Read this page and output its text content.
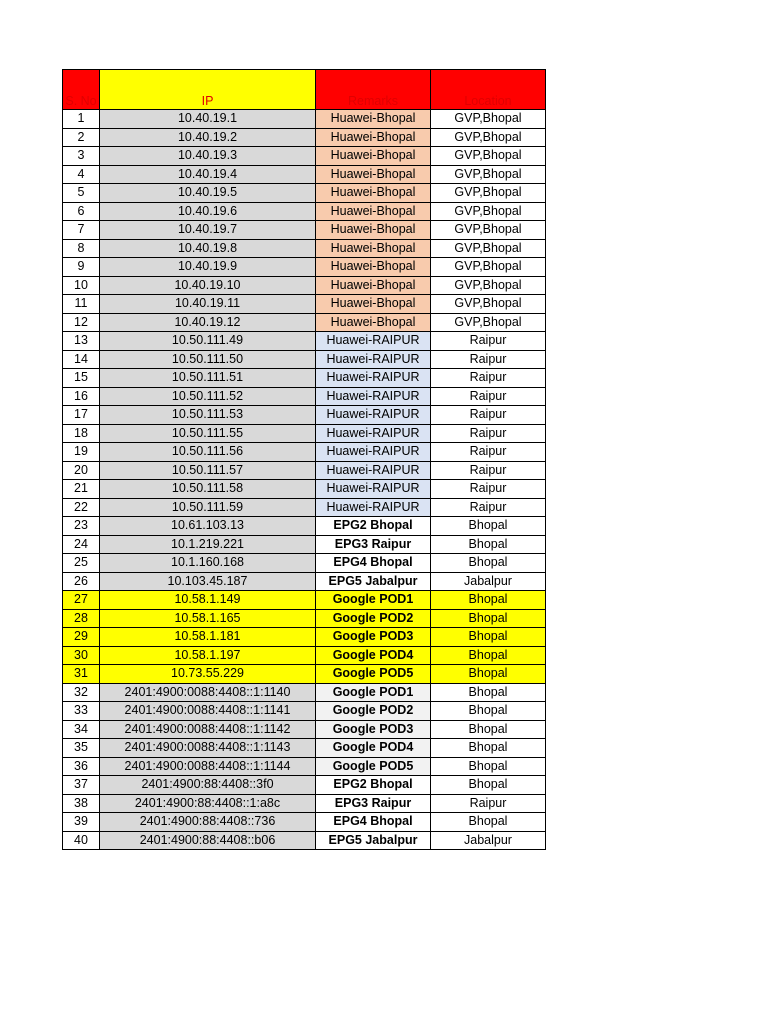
S. No	IP	Remarks	Location
1	10.40.19.1	Huawei-Bhopal	GVP,Bhopal
2	10.40.19.2	Huawei-Bhopal	GVP,Bhopal
3	10.40.19.3	Huawei-Bhopal	GVP,Bhopal
4	10.40.19.4	Huawei-Bhopal	GVP,Bhopal
5	10.40.19.5	Huawei-Bhopal	GVP,Bhopal
6	10.40.19.6	Huawei-Bhopal	GVP,Bhopal
7	10.40.19.7	Huawei-Bhopal	GVP,Bhopal
8	10.40.19.8	Huawei-Bhopal	GVP,Bhopal
9	10.40.19.9	Huawei-Bhopal	GVP,Bhopal
10	10.40.19.10	Huawei-Bhopal	GVP,Bhopal
11	10.40.19.11	Huawei-Bhopal	GVP,Bhopal
12	10.40.19.12	Huawei-Bhopal	GVP,Bhopal
13	10.50.111.49	Huawei-RAIPUR	Raipur
14	10.50.111.50	Huawei-RAIPUR	Raipur
15	10.50.111.51	Huawei-RAIPUR	Raipur
16	10.50.111.52	Huawei-RAIPUR	Raipur
17	10.50.111.53	Huawei-RAIPUR	Raipur
18	10.50.111.55	Huawei-RAIPUR	Raipur
19	10.50.111.56	Huawei-RAIPUR	Raipur
20	10.50.111.57	Huawei-RAIPUR	Raipur
21	10.50.111.58	Huawei-RAIPUR	Raipur
22	10.50.111.59	Huawei-RAIPUR	Raipur
23	10.61.103.13	EPG2 Bhopal	Bhopal
24	10.1.219.221	EPG3 Raipur	Bhopal
25	10.1.160.168	EPG4 Bhopal	Bhopal
26	10.103.45.187	EPG5 Jabalpur	Jabalpur
27	10.58.1.149	Google POD1	Bhopal
28	10.58.1.165	Google POD2	Bhopal
29	10.58.1.181	Google POD3	Bhopal
30	10.58.1.197	Google POD4	Bhopal
31	10.73.55.229	Google POD5	Bhopal
32	2401:4900:0088:4408::1:1140	Google POD1	Bhopal
33	2401:4900:0088:4408::1:1141	Google POD2	Bhopal
34	2401:4900:0088:4408::1:1142	Google POD3	Bhopal
35	2401:4900:0088:4408::1:1143	Google POD4	Bhopal
36	2401:4900:0088:4408::1:1144	Google POD5	Bhopal
37	2401:4900:88:4408::3f0	EPG2 Bhopal	Bhopal
38	2401:4900:88:4408::1:a8c	EPG3 Raipur	Raipur
39	2401:4900:88:4408::736	EPG4 Bhopal	Bhopal
40	2401:4900:88:4408::b06	EPG5 Jabalpur	Jabalpur
